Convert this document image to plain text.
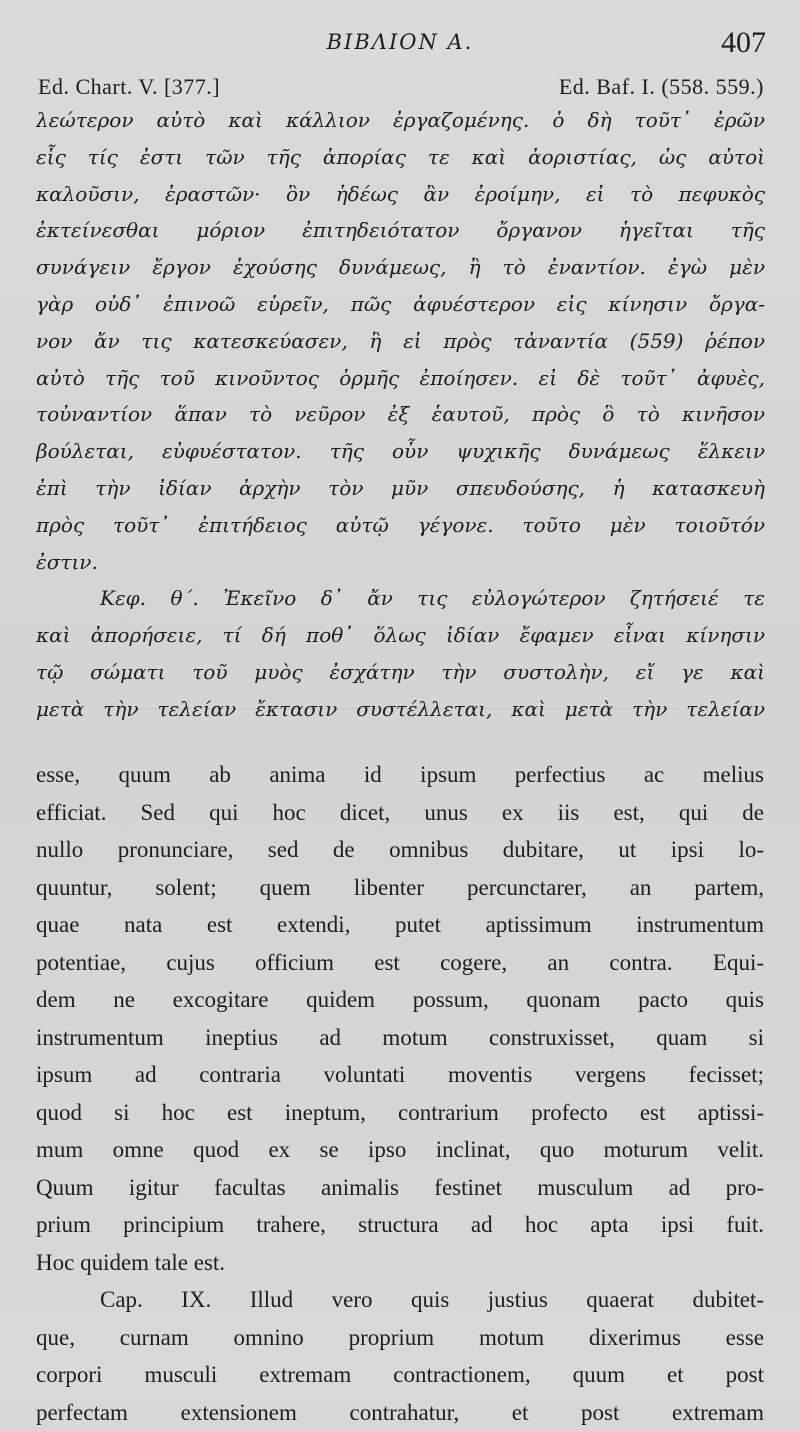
ΒΙΒΛΙΟΝ Α.	407
Ed. Chart. V. [377.]	Ed. Baf. I. (558. 559.)
λεώτερον αὐτὸ καὶ κάλλιον ἐργαζομένης. ὁ δὴ τοῦτ᾿ ἐρῶν
εἷς τίς ἐστι τῶν τῆς ἀπορίας τε καὶ ἀοριστίας, ὡς αὐτοὶ
καλοῦσιν, ἐραστῶν· ὃν ἡδέως ἂν ἐροίμην, εἰ τὸ πεφυκὸς
ἐκτείνεσθαι μόριον ἐπιτηδειότατον ὄργανον ἡγεῖται τῆς
συνάγειν ἔργον ἐχούσης δυνάμεως, ἢ τὸ ἐναντίον. ἐγὼ μὲν
γὰρ οὐδ᾿ ἐπινοῶ εὑρεῖν, πῶς ἀφυέστερον εἰς κίνησιν ὄργα-
νον ἄν τις κατεσκεύασεν, ἢ εἰ πρὸς τἀναντία (559) ῥέπον
αὐτὸ τῆς τοῦ κινοῦντος ὁρμῆς ἐποίησεν. εἰ δὲ τοῦτ᾿ ἀφυὲς,
τοὐναντίον ἅπαν τὸ νεῦρον ἐξ ἑαυτοῦ, πρὸς ὃ τὸ κινῆσον
βούλεται, εὐφυέστατον. τῆς οὖν ψυχικῆς δυνάμεως ἕλκειν
ἐπὶ τὴν ἰδίαν ἀρχὴν τὸν μῦν σπευδούσης, ἡ κατασκευὴ
πρὸς τοῦτ᾿ ἐπιτήδειος αὐτῷ γέγονε. τοῦτο μὲν τοιοῦτόν
ἐστιν.
Κεφ. θ΄. Ἐκεῖνο δ᾿ ἄν τις εὐλογώτερον ζητήσειέ τε
καὶ ἀπορήσειε, τί δή ποθ᾿ ὅλως ἰδίαν ἔφαμεν εἶναι κίνησιν
τῷ σώματι τοῦ μυὸς ἐσχάτην τὴν συστολὴν, εἴ γε καὶ
μετὰ τὴν τελείαν ἔκτασιν συστέλλεται, καὶ μετὰ τὴν τελείαν
esse, quum ab anima id ipsum perfectius ac melius
efficiat. Sed qui hoc dicet, unus ex iis est, qui de
nullo pronunciare, sed de omnibus dubitare, ut ipsi lo-
quuntur, solent; quem libenter percunctarer, an partem,
quae nata est extendi, putet aptissimum instrumentum
potentiae, cujus officium est cogere, an contra. Equi-
dem ne excogitare quidem possum, quonam pacto quis
instrumentum ineptius ad motum construxisset, quam si
ipsum ad contraria voluntati moventis vergens fecisset;
quod si hoc est ineptum, contrarium profecto est aptissi-
mum omne quod ex se ipso inclinat, quo moturum velit.
Quum igitur facultas animalis festinet musculum ad pro-
prium principium trahere, structura ad hoc apta ipsi fuit.
Hoc quidem tale est.
Cap. IX. Illud vero quis justius quaerat dubitet-
que, curnam omnino proprium motum dixerimus esse
corpori musculi extremam contractionem, quum et post
perfectam extensionem contrahatur, et post extremam
